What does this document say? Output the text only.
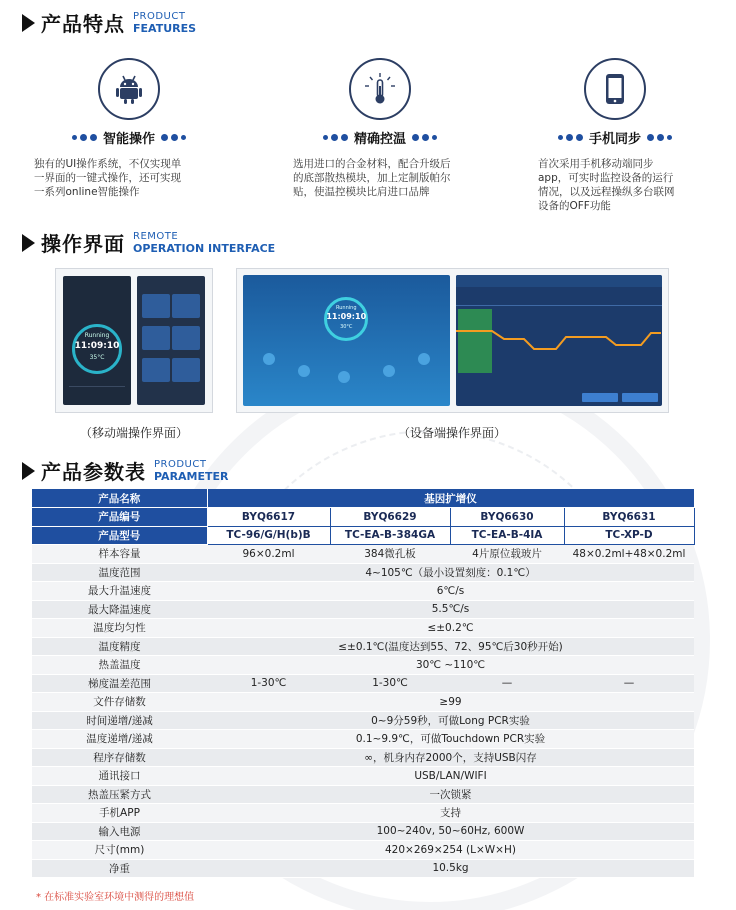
产品特点 PRODUCT
FEATURES
智能操作
独有的UI操作系统，不仅实现单一界面的一键式操作，还可实现一系列online智能操作
精确控温
选用进口的合金材料，配合升级后的底部散热模块，加上定制版帕尔贴，使温控模块比肩进口品牌
手机同步
首次采用手机移动端同步app，可实时监控设备的运行情况，以及远程操纵多台联网设备的OFF功能
操作界面 REMOTE
OPERATION INTERFACE
Running
11:09:10
35°C
Running
11:09:10
30°C
（移动端操作界面）	（设备端操作界面）
产品参数表 PRODUCT
PARAMETER
产品名称	基因扩增仪			
产品编号	BYQ6617	BYQ6629	BYQ6630	BYQ6631
产品型号	TC-96/G/H(b)B	TC-EA-B-384GA	TC-EA-B-4IA	TC-XP-D
样本容量	96×0.2ml	384微孔板	4片原位载玻片	48×0.2ml+48×0.2ml
温度范围	4~105℃（最小设置刻度：0.1℃）			
最大升温速度	6℃/s			
最大降温速度	5.5℃/s			
温度均匀性	≤±0.2℃			
温度精度	≤±0.1℃(温度达到55、72、95℃后30秒开始)			
热盖温度	30℃ ~110℃			
梯度温差范围	1-30℃	1-30℃	—	—
文件存储数	≥99			
时间递增/递减	0~9分59秒，可做Long PCR实验			
温度递增/递减	0.1~9.9℃，可做Touchdown PCR实验			
程序存储数	∞，机身内存2000个，支持USB闪存			
通讯接口	USB/LAN/WIFI			
热盖压紧方式	一次锁紧			
手机APP	支持			
输入电源	100~240v, 50~60Hz, 600W			
尺寸(mm)	420×269×254 (L×W×H)			
净重	10.5kg			
* 在标准实验室环境中测得的理想值
